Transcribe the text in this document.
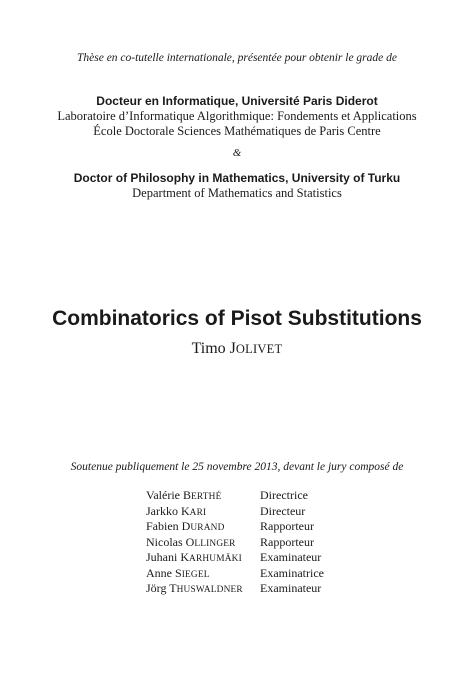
Thèse en co-tutelle internationale, présentée pour obtenir le grade de
Docteur en Informatique, Université Paris Diderot
Laboratoire d’Informatique Algorithmique: Fondements et Applications
École Doctorale Sciences Mathématiques de Paris Centre
&
Doctor of Philosophy in Mathematics, University of Turku
Department of Mathematics and Statistics
Combinatorics of Pisot Substitutions
Timo JOLIVET
Soutenue publiquement le 25 novembre 2013, devant le jury composé de
Valérie BERTHÉ	Directrice
Jarkko KARI	Directeur
Fabien DURAND	Rapporteur
Nicolas OLLINGER	Rapporteur
Juhani KARHUMÄKI	Examinateur
Anne SIEGEL	Examinatrice
Jörg THUSWALDNER	Examinateur
